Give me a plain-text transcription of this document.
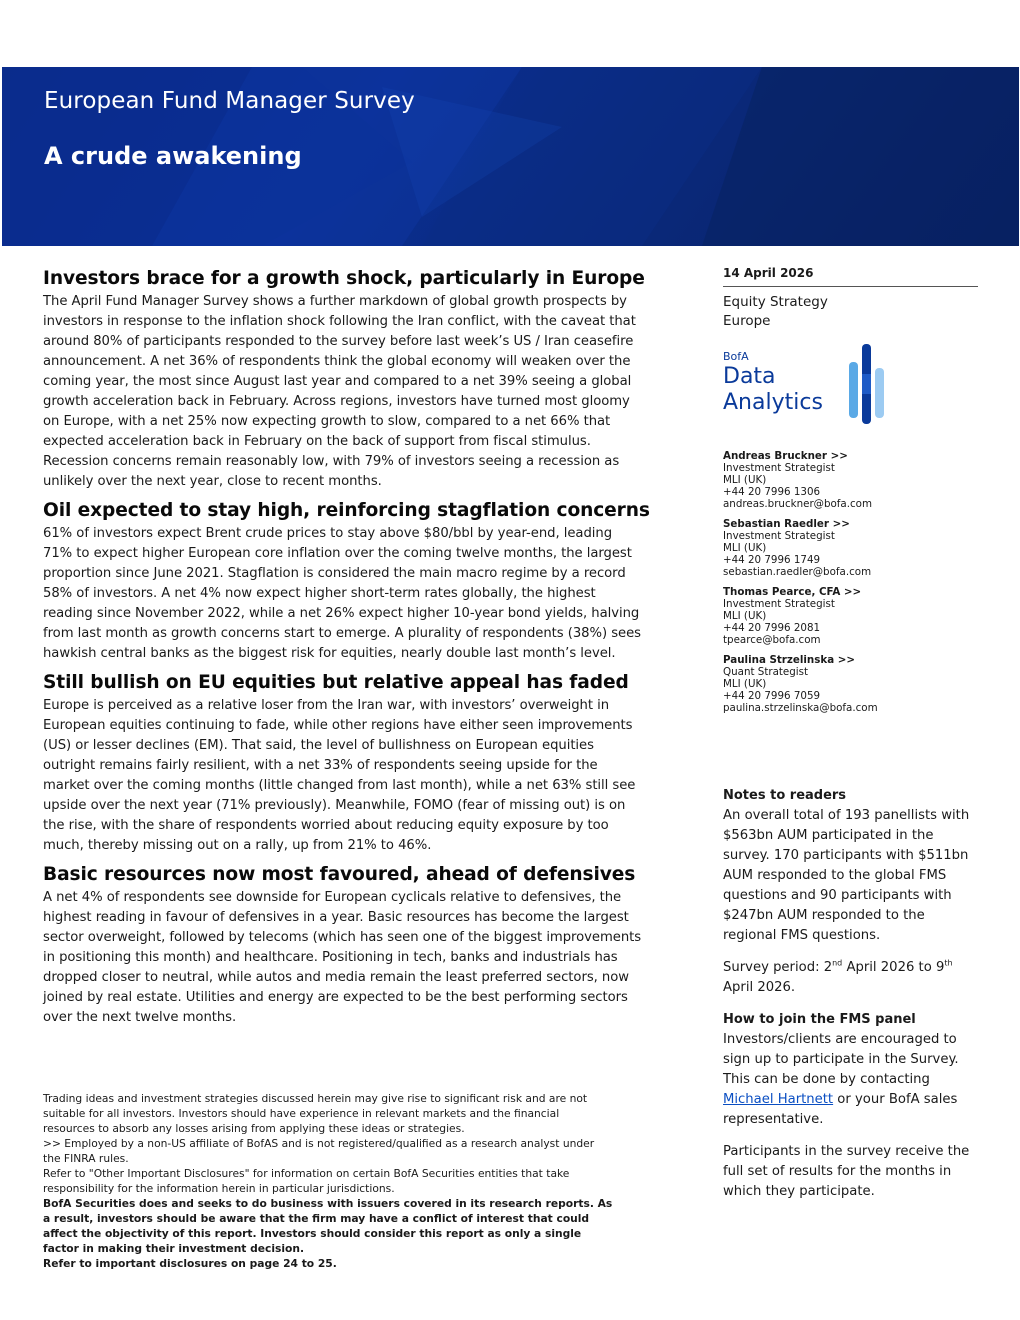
European Fund Manager Survey
A crude awakening
Investors brace for a growth shock, particularly in Europe

The April Fund Manager Survey shows a further markdown of global growth prospects by investors in response to the inflation shock following the Iran conflict, with the caveat that around 80% of participants responded to the survey before last week’s US / Iran ceasefire announcement. A net 36% of respondents think the global economy will weaken over the coming year, the most since August last year and compared to a net 39% seeing a global growth acceleration back in February. Across regions, investors have turned most gloomy on Europe, with a net 25% now expecting growth to slow, compared to a net 66% that expected acceleration back in February on the back of support from fiscal stimulus. Recession concerns remain reasonably low, with 79% of investors seeing a recession as unlikely over the next year, close to recent months.

Oil expected to stay high, reinforcing stagflation concerns

61% of investors expect Brent crude prices to stay above $80/bbl by year-end, leading 71% to expect higher European core inflation over the coming twelve months, the largest proportion since June 2021. Stagflation is considered the main macro regime by a record 58% of investors. A net 4% now expect higher short-term rates globally, the highest reading since November 2022, while a net 26% expect higher 10-year bond yields, halving from last month as growth concerns start to emerge. A plurality of respondents (38%) sees hawkish central banks as the biggest risk for equities, nearly double last month’s level.

Still bullish on EU equities but relative appeal has faded

Europe is perceived as a relative loser from the Iran war, with investors’ overweight in European equities continuing to fade, while other regions have either seen improvements (US) or lesser declines (EM). That said, the level of bullishness on European equities outright remains fairly resilient, with a net 33% of respondents seeing upside for the market over the coming months (little changed from last month), while a net 63% still see upside over the next year (71% previously). Meanwhile, FOMO (fear of missing out) is on the rise, with the share of respondents worried about reducing equity exposure by too much, thereby missing out on a rally, up from 21% to 46%.

Basic resources now most favoured, ahead of defensives

A net 4% of respondents see downside for European cyclicals relative to defensives, the highest reading in favour of defensives in a year. Basic resources has become the largest sector overweight, followed by telecoms (which has seen one of the biggest improvements in positioning this month) and healthcare. Positioning in tech, banks and industrials has dropped closer to neutral, while autos and media remain the least preferred sectors, now joined by real estate. Utilities and energy are expected to be the best performing sectors over the next twelve months.

Trading ideas and investment strategies discussed herein may give rise to significant risk and are not suitable for all investors. Investors should have experience in relevant markets and the financial resources to absorb any losses arising from applying these ideas or strategies.
>> Employed by a non-US affiliate of BofAS and is not registered/qualified as a research analyst under the FINRA rules.
Refer to "Other Important Disclosures" for information on certain BofA Securities entities that take responsibility for the information herein in particular jurisdictions.
BofA Securities does and seeks to do business with issuers covered in its research reports. As a result, investors should be aware that the firm may have a conflict of interest that could affect the objectivity of this report. Investors should consider this report as only a single factor in making their investment decision.
Refer to important disclosures on page 24 to 25.
14 April 2026
Equity Strategy
Europe
BofA
Data
Analytics
Andreas Bruckner >>
Investment Strategist
MLI (UK)
+44 20 7996 1306
andreas.bruckner@bofa.com
Sebastian Raedler >>
Investment Strategist
MLI (UK)
+44 20 7996 1749
sebastian.raedler@bofa.com
Thomas Pearce, CFA >>
Investment Strategist
MLI (UK)
+44 20 7996 2081
tpearce@bofa.com
Paulina Strzelinska >>
Quant Strategist
MLI (UK)
+44 20 7996 7059
paulina.strzelinska@bofa.com
Notes to readers

An overall total of 193 panellists with $563bn AUM participated in the survey. 170 participants with $511bn AUM responded to the global FMS questions and 90 participants with $247bn AUM responded to the regional FMS questions.

Survey period: 2nd April 2026 to 9th April 2026.

How to join the FMS panel

Investors/clients are encouraged to sign up to participate in the Survey. This can be done by contacting Michael Hartnett or your BofA sales representative.

Participants in the survey receive the full set of results for the months in which they participate.
